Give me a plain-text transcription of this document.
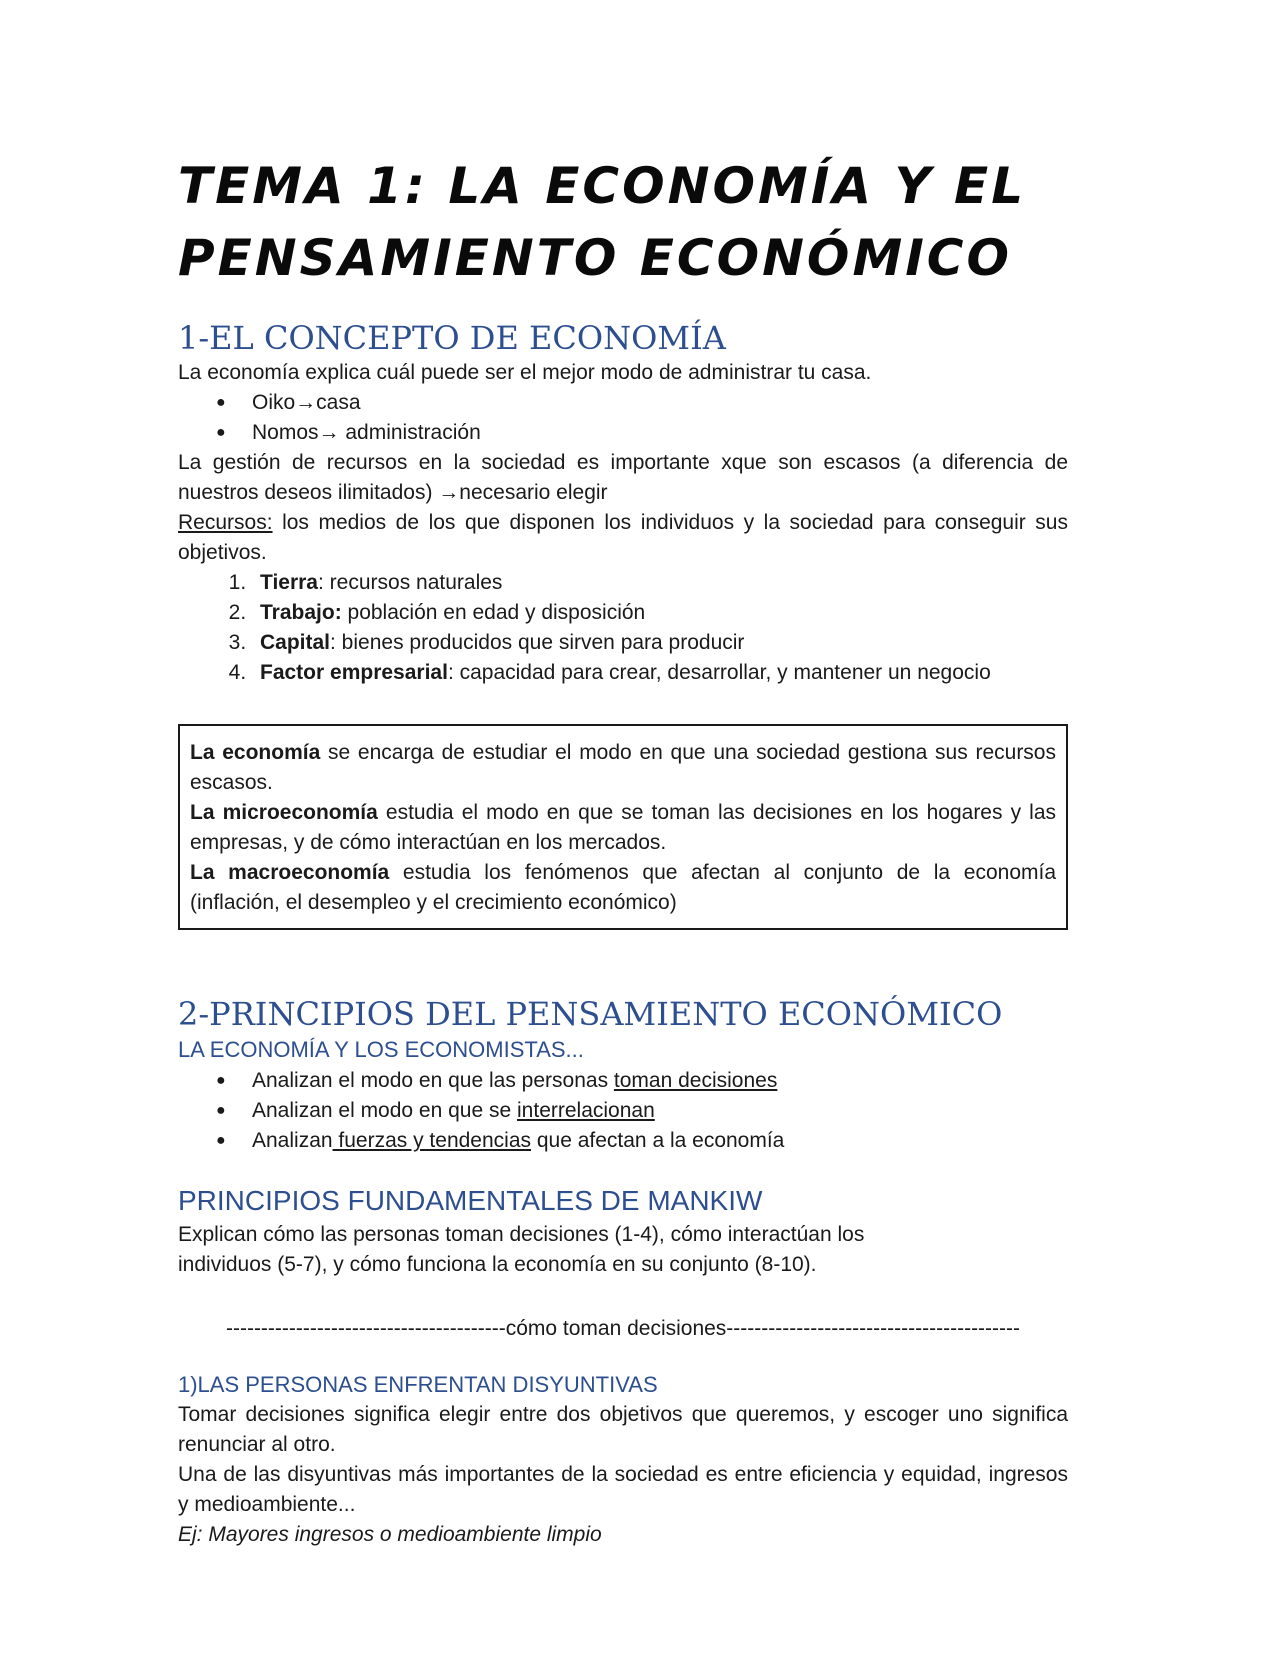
TEMA 1: LA ECONOMÍA Y EL
PENSAMIENTO ECONÓMICO
1-EL CONCEPTO DE ECONOMÍA

La economía explica cuál puede ser el mejor modo de administrar tu casa.

● Oiko→casa
● Nomos→ administración

La gestión de recursos en la sociedad es importante xque son escasos (a diferencia de nuestros deseos ilimitados) →necesario elegir

Recursos: los medios de los que disponen los individuos y la sociedad para conseguir sus objetivos.

1. Tierra: recursos naturales
2. Trabajo: población en edad y disposición
3. Capital: bienes producidos que sirven para producir
4. Factor empresarial: capacidad para crear, desarrollar, y mantener un negocio

La economía se encarga de estudiar el modo en que una sociedad gestiona sus recursos escasos.

La microeconomía estudia el modo en que se toman las decisiones en los hogares y las empresas, y de cómo interactúan en los mercados.

La macroeconomía estudia los fenómenos que afectan al conjunto de la economía (inflación, el desempleo y el crecimiento económico)

2-PRINCIPIOS DEL PENSAMIENTO ECONÓMICO
LA ECONOMÍA Y LOS ECONOMISTAS...
● Analizan el modo en que las personas toman decisiones
● Analizan el modo en que se interrelacionan
● Analizan fuerzas y tendencias que afectan a la economía
PRINCIPIOS FUNDAMENTALES DE MANKIW

Explican cómo las personas toman decisiones (1-4), cómo interactúan los individuos (5-7), y cómo funciona la economía en su conjunto (8-10).

----------------------------------------cómo toman decisiones------------------------------------------
1)LAS PERSONAS ENFRENTAN DISYUNTIVAS

Tomar decisiones significa elegir entre dos objetivos que queremos, y escoger uno significa renunciar al otro.

Una de las disyuntivas más importantes de la sociedad es entre eficiencia y equidad, ingresos y medioambiente...

Ej: Mayores ingresos o medioambiente limpio
